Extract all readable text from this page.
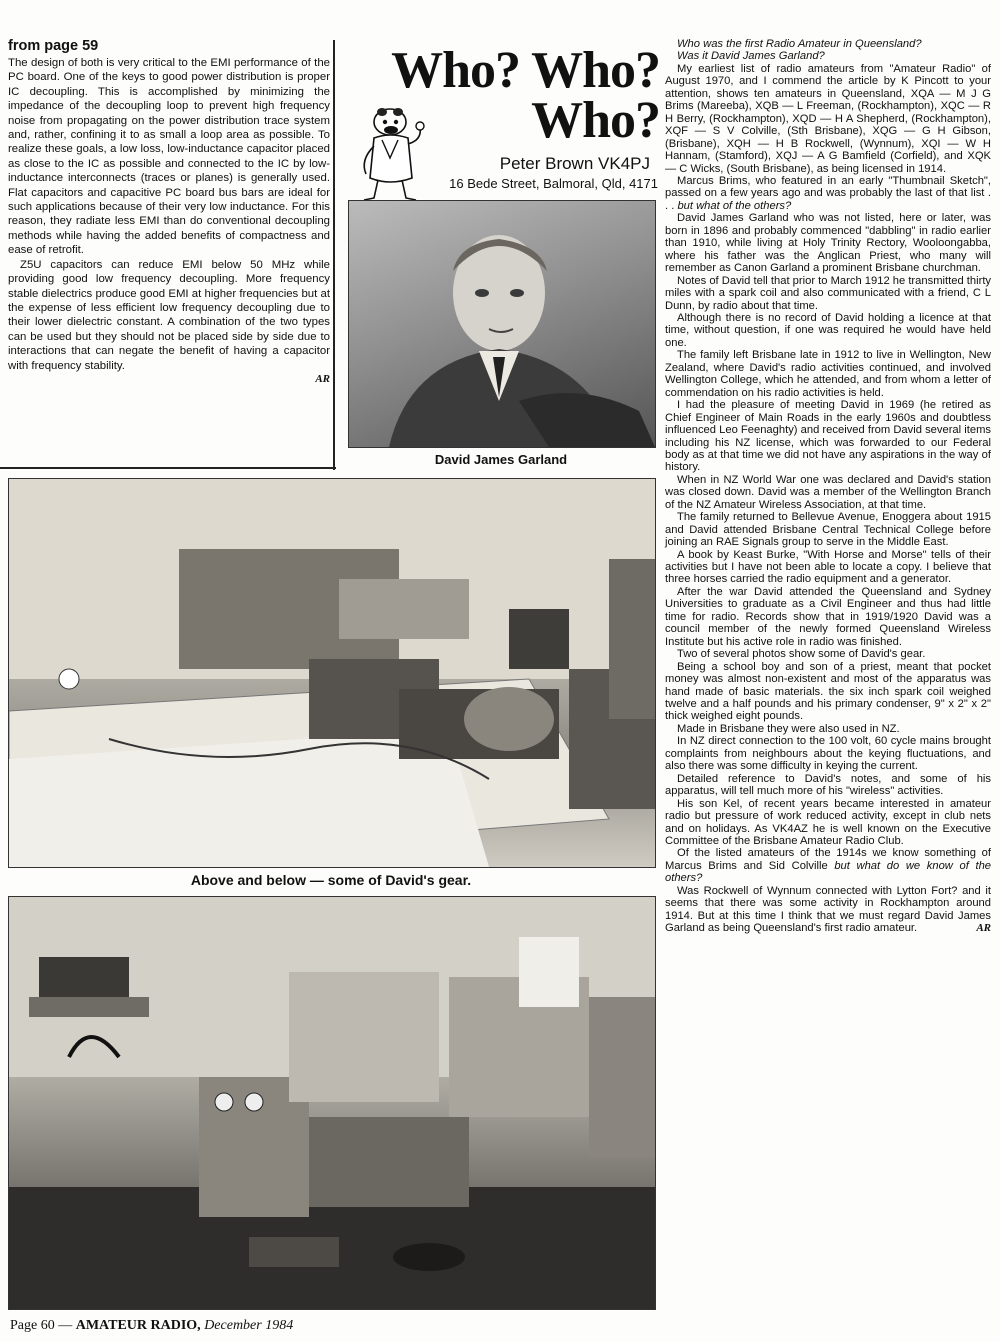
from page 59

The design of both is very critical to the EMI performance of the PC board. One of the keys to good power distribution is proper IC decoupling. This is accomplished by minimizing the impedance of the decoupling loop to prevent high frequency noise from propagating on the power distribution trace system and, rather, confining it to as small a loop area as possible. To realize these goals, a low loss, low-inductance capacitor placed as close to the IC as possible and connected to the IC by low-inductance interconnects (traces or planes) is generally used. Flat capacitors and capacitive PC board bus bars are ideal for such applications because of their very low inductance. For this reason, they radiate less EMI than do conventional decoupling methods while having the added benefits of compactness and ease of retrofit.

Z5U capacitors can reduce EMI below 50 MHz while providing good low frequency decoupling. More frequency stable dielectrics produce good EMI at higher frequencies but at the expense of less efficient low frequency decoupling due to their lower dielectric constant. A combination of the two types can be used but they should not be placed side by side due to interactions that can negate the benefit of having a capacitor with frequency stability.

AR
Who? Who?
Who?
Peter Brown VK4PJ
16 Bede Street, Balmoral, Qld, 4171
David James Garland
Above and below — some of David's gear.

Who was the first Radio Amateur in Queensland?

Was it David James Garland?

My earliest list of radio amateurs from "Amateur Radio" of August 1970, and I commend the article by K Pincott to your attention, shows ten amateurs in Queensland, XQA — M J G Brims (Mareeba), XQB — L Freeman, (Rockhampton), XQC — R H Berry, (Rockhampton), XQD — H A Shepherd, (Rockhampton), XQF — S V Colville, (Sth Brisbane), XQG — G H Gibson, (Brisbane), XQH — H B Rockwell, (Wynnum), XQI — W H Hannam, (Stamford), XQJ — A G Bamfield (Corfield), and XQK — C Wicks, (South Brisbane), as being licensed in 1914.

Marcus Brims, who featured in an early "Thumbnail Sketch", passed on a few years ago and was probably the last of that list . . . but what of the others?

David James Garland who was not listed, here or later, was born in 1896 and probably commenced "dabbling" in radio earlier than 1910, while living at Holy Trinity Rectory, Wooloongabba, where his father was the Anglican Priest, who many will remember as Canon Garland a prominent Brisbane churchman.

Notes of David tell that prior to March 1912 he transmitted thirty miles with a spark coil and also communicated with a friend, C L Dunn, by radio about that time.

Although there is no record of David holding a licence at that time, without question, if one was required he would have held one.

The family left Brisbane late in 1912 to live in Wellington, New Zealand, where David's radio activities continued, and involved Wellington College, which he attended, and from whom a letter of commendation on his radio activities is held.

I had the pleasure of meeting David in 1969 (he retired as Chief Engineer of Main Roads in the early 1960s and doubtless influenced Leo Feenaghty) and received from David several items including his NZ license, which was forwarded to our Federal body as at that time we did not have any aspirations in the way of history.

When in NZ World War one was declared and David's station was closed down. David was a member of the Wellington Branch of the NZ Amateur Wireless Association, at that time.

The family returned to Bellevue Avenue, Enoggera about 1915 and David attended Brisbane Central Technical College before joining an RAE Signals group to serve in the Middle East.

A book by Keast Burke, "With Horse and Morse" tells of their activities but I have not been able to locate a copy. I believe that three horses carried the radio equipment and a generator.

After the war David attended the Queensland and Sydney Universities to graduate as a Civil Engineer and thus had little time for radio. Records show that in 1919/1920 David was a council member of the newly formed Queensland Wireless Institute but his active role in radio was finished.

Two of several photos show some of David's gear.

Being a school boy and son of a priest, meant that pocket money was almost non-existent and most of the apparatus was hand made of basic materials. the six inch spark coil weighed twelve and a half pounds and his primary condenser, 9" x 2" x 2" thick weighed eight pounds.

Made in Brisbane they were also used in NZ.

In NZ direct connection to the 100 volt, 60 cycle mains brought complaints from neighbours about the keying fluctuations, and also there was some difficulty in keying the current.

Detailed reference to David's notes, and some of his apparatus, will tell much more of his "wireless" activities.

His son Kel, of recent years became interested in amateur radio but pressure of work reduced activity, except in club nets and on holidays. As VK4AZ he is well known on the Executive Committee of the Brisbane Amateur Radio Club.

Of the listed amateurs of the 1914s we know something of Marcus Brims and Sid Colville but what do we know of the others?

Was Rockwell of Wynnum connected with Lytton Fort? and it seems that there was some activity in Rockhampton around 1914. But at this time I think that we must regard David James Garland as being Queensland's first radio amateur.	AR

Page 60 — AMATEUR RADIO, December 1984
